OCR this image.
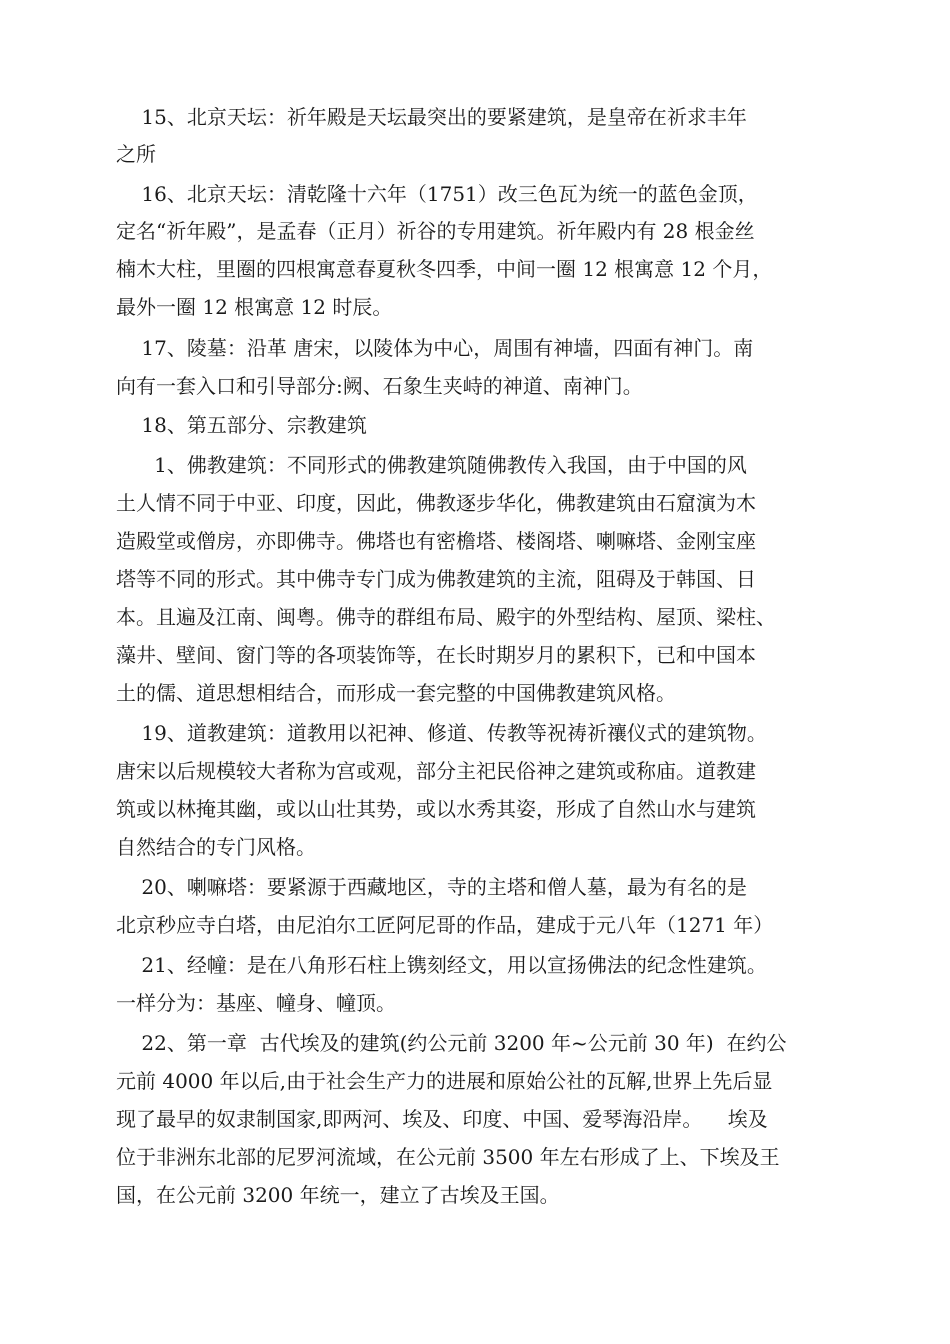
15、北京天坛：祈年殿是天坛最突出的要紧建筑，是皇帝在祈求丰年
之所
16、北京天坛：清乾隆十六年（1751）改三色瓦为统一的蓝色金顶，
定名“祈年殿”，是孟春（正月）祈谷的专用建筑。祈年殿内有 28 根金丝
楠木大柱，里圈的四根寓意春夏秋冬四季，中间一圈 12 根寓意 12 个月，
最外一圈 12 根寓意 12 时辰。
17、陵墓：沿革 唐宋，以陵体为中心，周围有神墙，四面有神门。南
向有一套入口和引导部分:阙、石象生夹峙的神道、南神门。
18、第五部分、宗教建筑
1、佛教建筑：不同形式的佛教建筑随佛教传入我国，由于中国的风
土人情不同于中亚、印度，因此，佛教逐步华化，佛教建筑由石窟演为木
造殿堂或僧房，亦即佛寺。佛塔也有密檐塔、楼阁塔、喇嘛塔、金刚宝座
塔等不同的形式。其中佛寺专门成为佛教建筑的主流，阻碍及于韩国、日
本。且遍及江南、闽粤。佛寺的群组布局、殿宇的外型结构、屋顶、梁柱、
藻井、壁间、窗门等的各项装饰等，在长时期岁月的累积下，已和中国本
土的儒、道思想相结合，而形成一套完整的中国佛教建筑风格。
19、道教建筑：道教用以祀神、修道、传教等祝祷祈禳仪式的建筑物。
唐宋以后规模较大者称为宫或观，部分主祀民俗神之建筑或称庙。道教建
筑或以林掩其幽，或以山壮其势，或以水秀其姿，形成了自然山水与建筑
自然结合的专门风格。
20、喇嘛塔：要紧源于西藏地区，寺的主塔和僧人墓，最为有名的是
北京秒应寺白塔，由尼泊尔工匠阿尼哥的作品，建成于元八年（1271 年）
21、经幢：是在八角形石柱上镌刻经文，用以宣扬佛法的纪念性建筑。
一样分为：基座、幢身、幢顶。
22、第一章  古代埃及的建筑(约公元前 3200 年~公元前 30 年)  在约公
元前 4000 年以后,由于社会生产力的进展和原始公社的瓦解,世界上先后显
现了最早的奴隶制国家,即两河、埃及、印度、中国、爱琴海沿岸。    埃及
位于非洲东北部的尼罗河流域，在公元前 3500 年左右形成了上、下埃及王
国，在公元前 3200 年统一，建立了古埃及王国。
